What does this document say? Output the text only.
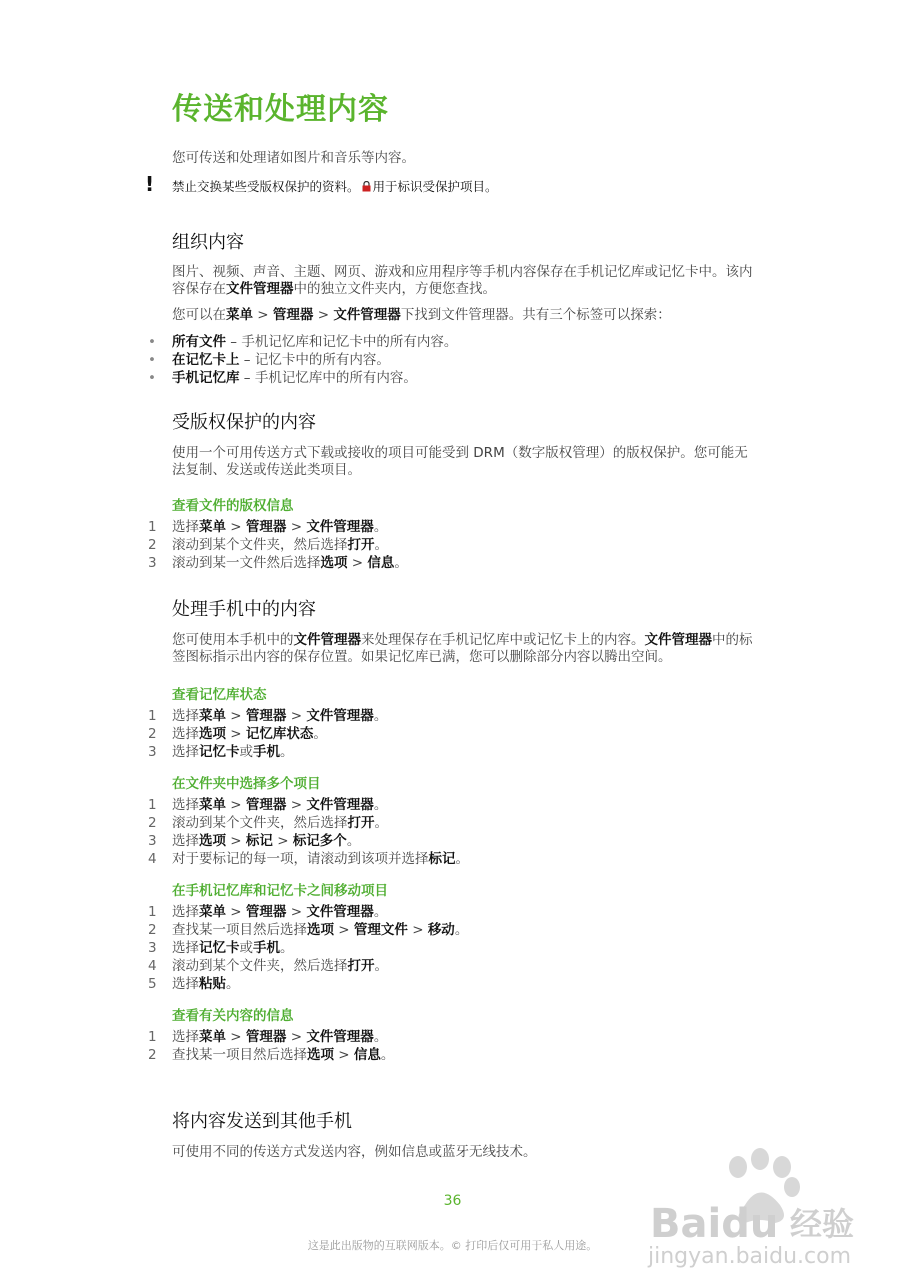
传送和处理内容

您可传送和处理诸如图片和音乐等内容。

! 禁止交换某些受版权保护的资料。 用于标识受保护项目。

组织内容

图片、视频、声音、主题、网页、游戏和应用程序等手机内容保存在手机记忆库或记忆卡中。该内容保存在文件管理器中的独立文件夹内，方便您查找。

您可以在菜单 > 管理器 > 文件管理器下找到文件管理器。共有三个标签可以探索：

• 所有文件 – 手机记忆库和记忆卡中的所有内容。
• 在记忆卡上 – 记忆卡中的所有内容。
• 手机记忆库 – 手机记忆库中的所有内容。
受版权保护的内容

使用一个可用传送方式下载或接收的项目可能受到 DRM（数字版权管理）的版权保护。您可能无法复制、发送或传送此类项目。

查看文件的版权信息
1 选择菜单 > 管理器 > 文件管理器。
2 滚动到某个文件夹，然后选择打开。
3 滚动到某一文件然后选择选项 > 信息。
处理手机中的内容

您可使用本手机中的文件管理器来处理保存在手机记忆库中或记忆卡上的内容。文件管理器中的标签图标指示出内容的保存位置。如果记忆库已满，您可以删除部分内容以腾出空间。

查看记忆库状态
1 选择菜单 > 管理器 > 文件管理器。
2 选择选项 > 记忆库状态。
3 选择记忆卡或手机。
在文件夹中选择多个项目
1 选择菜单 > 管理器 > 文件管理器。
2 滚动到某个文件夹，然后选择打开。
3 选择选项 > 标记 > 标记多个。
4 对于要标记的每一项，请滚动到该项并选择标记。
在手机记忆库和记忆卡之间移动项目
1 选择菜单 > 管理器 > 文件管理器。
2 查找某一项目然后选择选项 > 管理文件 > 移动。
3 选择记忆卡或手机。
4 滚动到某个文件夹，然后选择打开。
5 选择粘贴。
查看有关内容的信息
1 选择菜单 > 管理器 > 文件管理器。
2 查找某一项目然后选择选项 > 信息。
将内容发送到其他手机

可使用不同的传送方式发送内容，例如信息或蓝牙无线技术。

36
这是此出版物的互联网版本。© 打印后仅可用于私人用途。	Baidu 经验
jingyan.baidu.com
